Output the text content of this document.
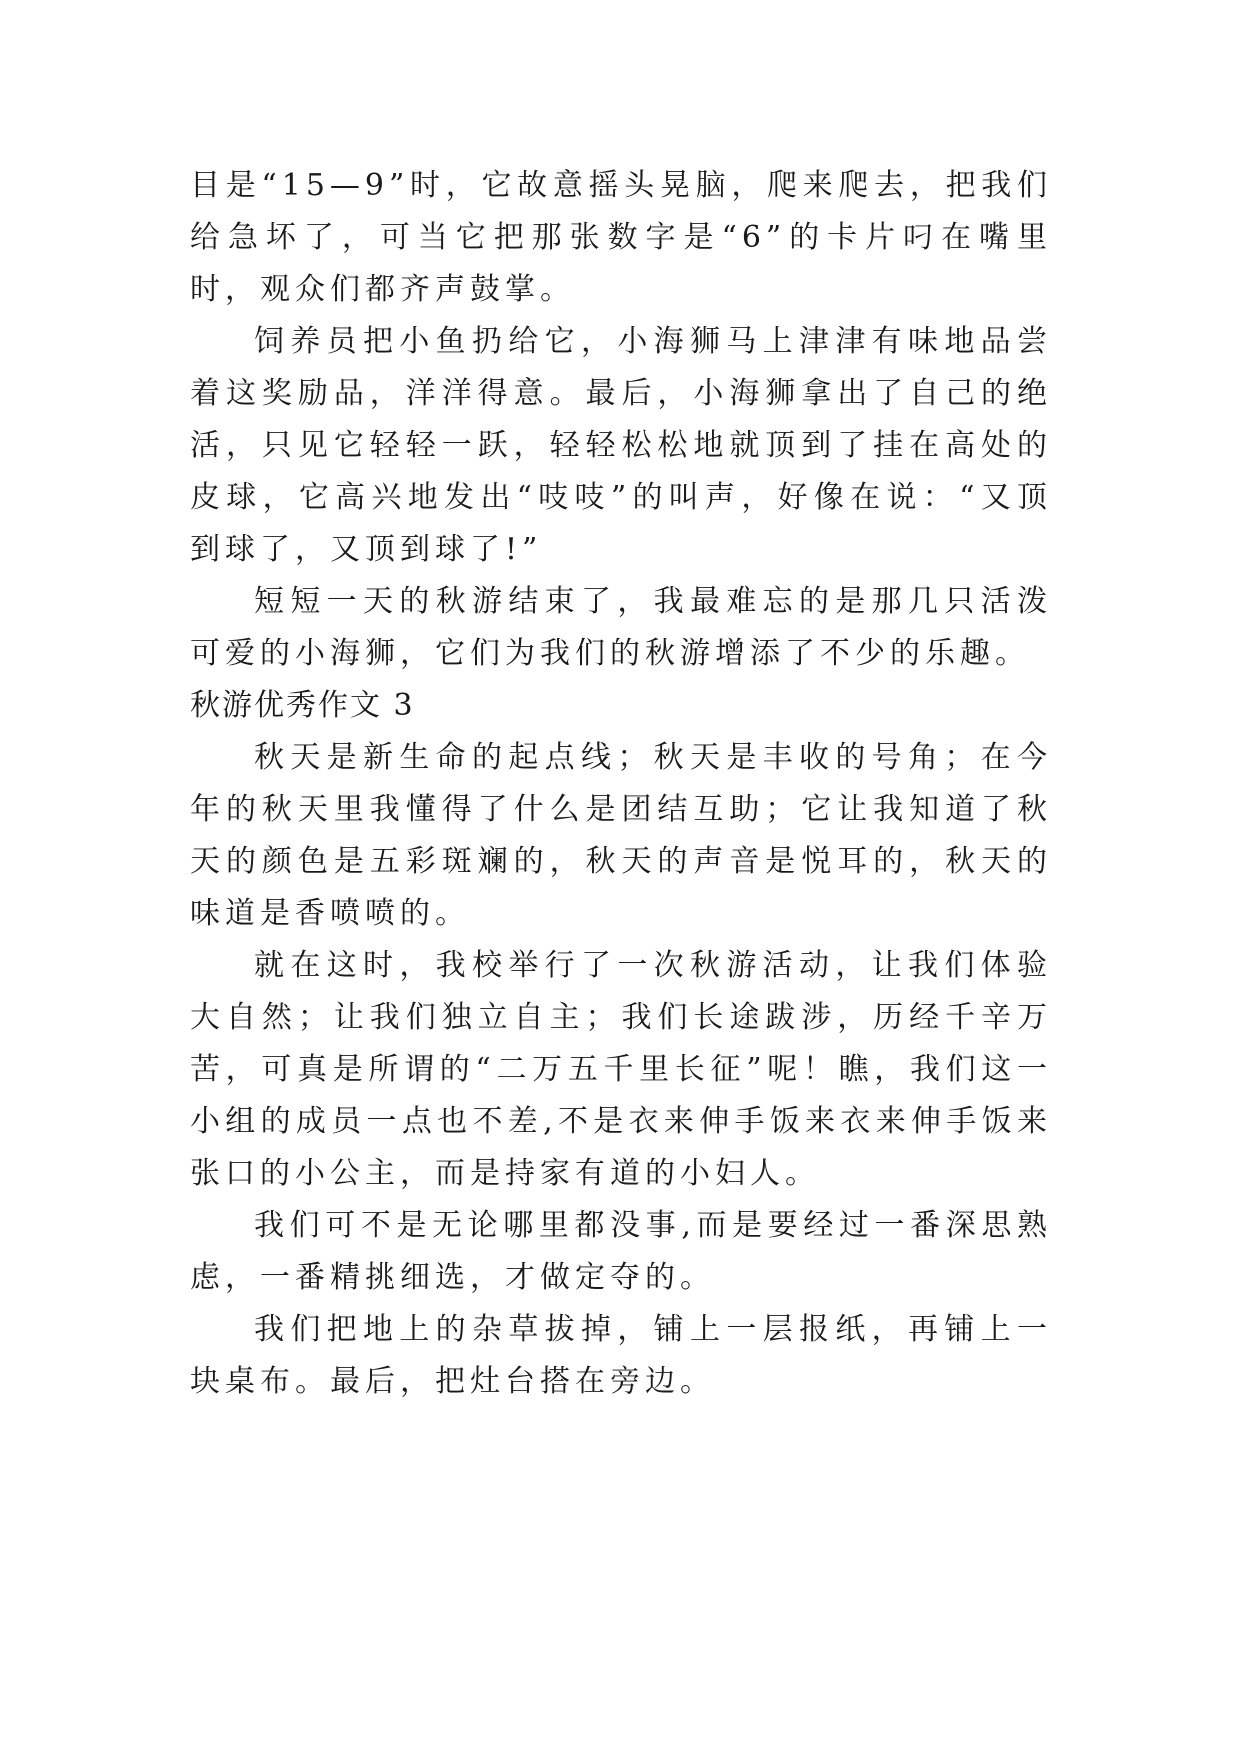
目是“15—9”时，它故意摇头晃脑，爬来爬去，把我们给急坏了，可当它把那张数字是“6”的卡片叼在嘴里时，观众们都齐声鼓掌。

饲养员把小鱼扔给它，小海狮马上津津有味地品尝着这奖励品，洋洋得意。最后，小海狮拿出了自己的绝活，只见它轻轻一跃，轻轻松松地就顶到了挂在高处的皮球，它高兴地发出“吱吱”的叫声，好像在说：“又顶到球了，又顶到球了!”

短短一天的秋游结束了，我最难忘的是那几只活泼可爱的小海狮，它们为我们的秋游增添了不少的乐趣。

秋游优秀作文 3

秋天是新生命的起点线；秋天是丰收的号角；在今年的秋天里我懂得了什么是团结互助；它让我知道了秋天的颜色是五彩斑斓的，秋天的声音是悦耳的，秋天的味道是香喷喷的。

就在这时，我校举行了一次秋游活动，让我们体验大自然；让我们独立自主；我们长途跋涉，历经千辛万苦，可真是所谓的“二万五千里长征”呢！瞧，我们这一小组的成员一点也不差,不是衣来伸手饭来衣来伸手饭来张口的小公主，而是持家有道的小妇人。

我们可不是无论哪里都没事,而是要经过一番深思熟虑，一番精挑细选，才做定夺的。

我们把地上的杂草拔掉，铺上一层报纸，再铺上一块桌布。最后，把灶台搭在旁边。
